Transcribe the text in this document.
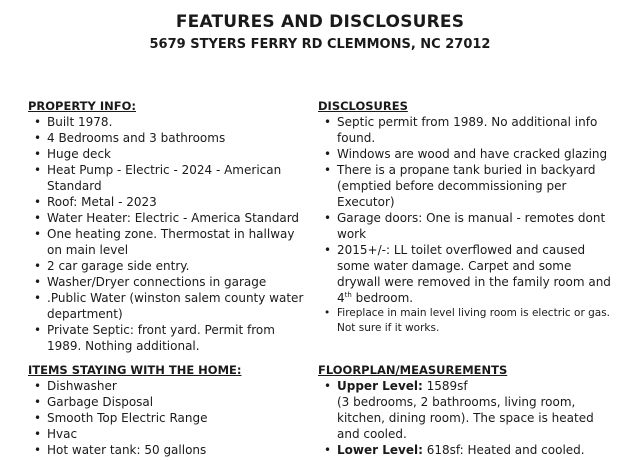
FEATURES AND DISCLOSURES
5679 STYERS FERRY RD CLEMMONS, NC 27012
PROPERTY INFO:
• Built 1978.
• 4 Bedrooms and 3 bathrooms
• Huge deck
• Heat Pump - Electric - 2024 - American Standard
• Roof: Metal - 2023
• Water Heater: Electric - America Standard
• One heating zone. Thermostat in hallway on main level
• 2 car garage side entry.
• Washer/Dryer connections in garage
• .Public Water (winston salem county water department)
• Private Septic: front yard. Permit from 1989. Nothing additional.
DISCLOSURES
• Septic permit from 1989. No additional info found.
• Windows are wood and have cracked glazing
• There is a propane tank buried in backyard (emptied before decommissioning per Executor)
• Garage doors: One is manual - remotes dont work
• 2015+/-: LL toilet overflowed and caused some water damage. Carpet and some drywall were removed in the family room and 4th bedroom.
• Fireplace in main level living room is electric or gas. Not sure if it works.
ITEMS STAYING WITH THE HOME:
• Dishwasher
• Garbage Disposal
• Smooth Top Electric Range
• Hvac
• Hot water tank: 50 gallons
FLOORPLAN/MEASUREMENTS
• Upper Level: 1589sf
(3 bedrooms, 2 bathrooms, living room, kitchen, dining room). The space is heated and cooled.
• Lower Level: 618sf: Heated and cooled.
